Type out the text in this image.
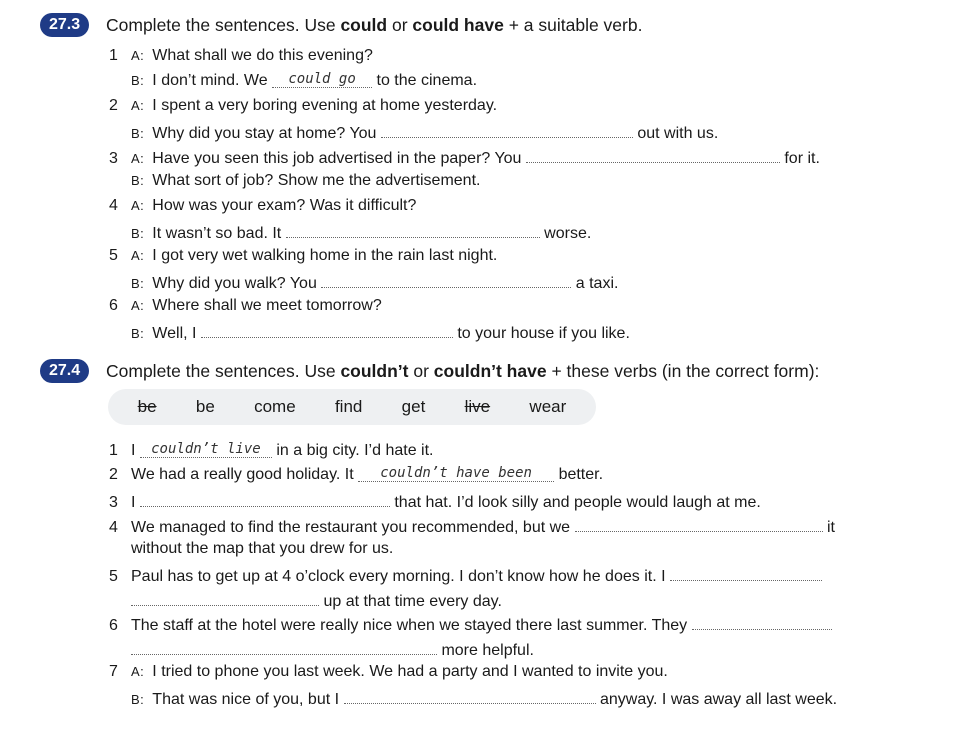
27.3	Complete the sentences. Use could or could have + a suitable verb.
1 A: What shall we do this evening?
B: I don’t mind. We could go to the cinema.
2 A: I spent a very boring evening at home yesterday.
B: Why did you stay at home? You	out with us.
3 A: Have you seen this job advertised in the paper? You	for it.
B: What sort of job? Show me the advertisement.
4 A: How was your exam? Was it difficult?
B: It wasn’t so bad. It	worse.
5 A: I got very wet walking home in the rain last night.
B: Why did you walk? You	a taxi.
6 A: Where shall we meet tomorrow?
B: Well, I	to your house if you like.
27.4	Complete the sentences. Use couldn’t or couldn’t have + these verbs (in the correct form):
be be come find get live wear
1 I couldn’t live in a big city. I’d hate it.
2 We had a really good holiday. It couldn’t have been better.
3 I	that hat. I’d look silly and people would laugh at me.
4 We managed to find the restaurant you recommended, but we	it
without the map that you drew for us.
5 Paul has to get up at 4 o’clock every morning. I don’t know how he does it. I
up at that time every day.
6 The staff at the hotel were really nice when we stayed there last summer. They
more helpful.
7 A: I tried to phone you last week. We had a party and I wanted to invite you.
B: That was nice of you, but I	anyway. I was away all last week.
